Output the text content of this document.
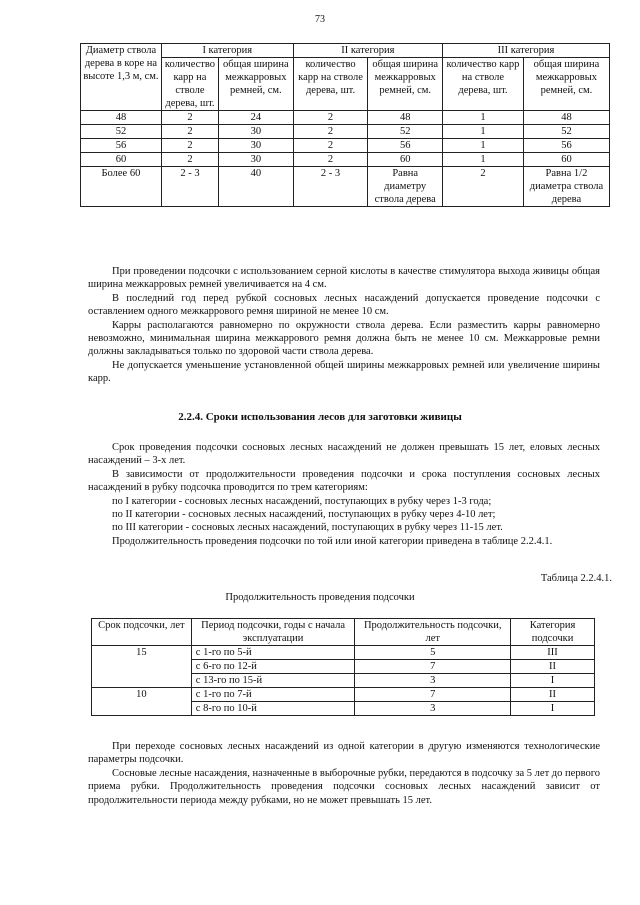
73
Диаметр ствола дерева в коре на высоте 1,3 м, см.	I категория		II категория		III категория	
	количество карр на стволе дерева, шт.	общая ширина межкарровых ремней, см.	количество карр на стволе дерева, шт.	общая ширина межкарровых ремней, см.	количество карр на стволе дерева, шт.	общая ширина межкарровых ремней, см.
48	2	24	2	48	1	48
52	2	30	2	52	1	52
56	2	30	2	56	1	56
60	2	30	2	60	1	60
Более 60	2 - 3	40	2 - 3	Равна диаметру ствола дерева	2	Равна 1/2 диаметра ствола дерева

При проведении подсочки с использованием серной кислоты в качестве стимулятора выхода живицы общая ширина межкарровых ремней увеличивается на 4 см.

В последний год перед рубкой сосновых лесных насаждений допускается проведение подсочки с оставлением одного межкаррового ремня шириной не менее 10 см.

Карры располагаются равномерно по окружности ствола дерева. Если разместить карры равномерно невозможно, минимальная ширина межкаррового ремня должна быть не менее 10 см. Межкарровые ремни должны закладываться только по здоровой части ствола дерева.

Не допускается уменьшение установленной общей ширины межкарровых ремней или увеличение ширины карр.

2.2.4. Сроки использования лесов для заготовки живицы

Срок проведения подсочки сосновых лесных насаждений не должен превышать 15 лет, еловых лесных насаждений – 3-х лет.

В зависимости от продолжительности проведения подсочки и срока поступления сосновых лесных насаждений в рубку подсочка проводится по трем категориям:

по I категории - сосновых лесных насаждений, поступающих в рубку через 1-3 года;

по II категории - сосновых лесных насаждений, поступающих в рубку через 4-10 лет;

по III категории - сосновых лесных насаждений, поступающих в рубку через 11-15 лет.

Продолжительность проведения подсочки по той или иной категории приведена в таблице 2.2.4.1.

Таблица 2.2.4.1.
Продолжительность проведения подсочки
Срок подсочки, лет	Период подсочки, годы с начала эксплуатации	Продолжительность подсочки, лет	Категория подсочки
15	с 1-го по 5-й	5	III
	с 6-го по 12-й	7	II
	с 13-го по 15-й	3	I
10	с 1-го по 7-й	7	II
	с 8-го по 10-й	3	I

При переходе сосновых лесных насаждений из одной категории в другую изменяются технологические параметры подсочки.

Сосновые лесные насаждения, назначенные в выборочные рубки, передаются в подсочку за 5 лет до первого приема рубки. Продолжительность проведения подсочки сосновых лесных насаждений зависит от продолжительности периода между рубками, но не может превышать 15 лет.
